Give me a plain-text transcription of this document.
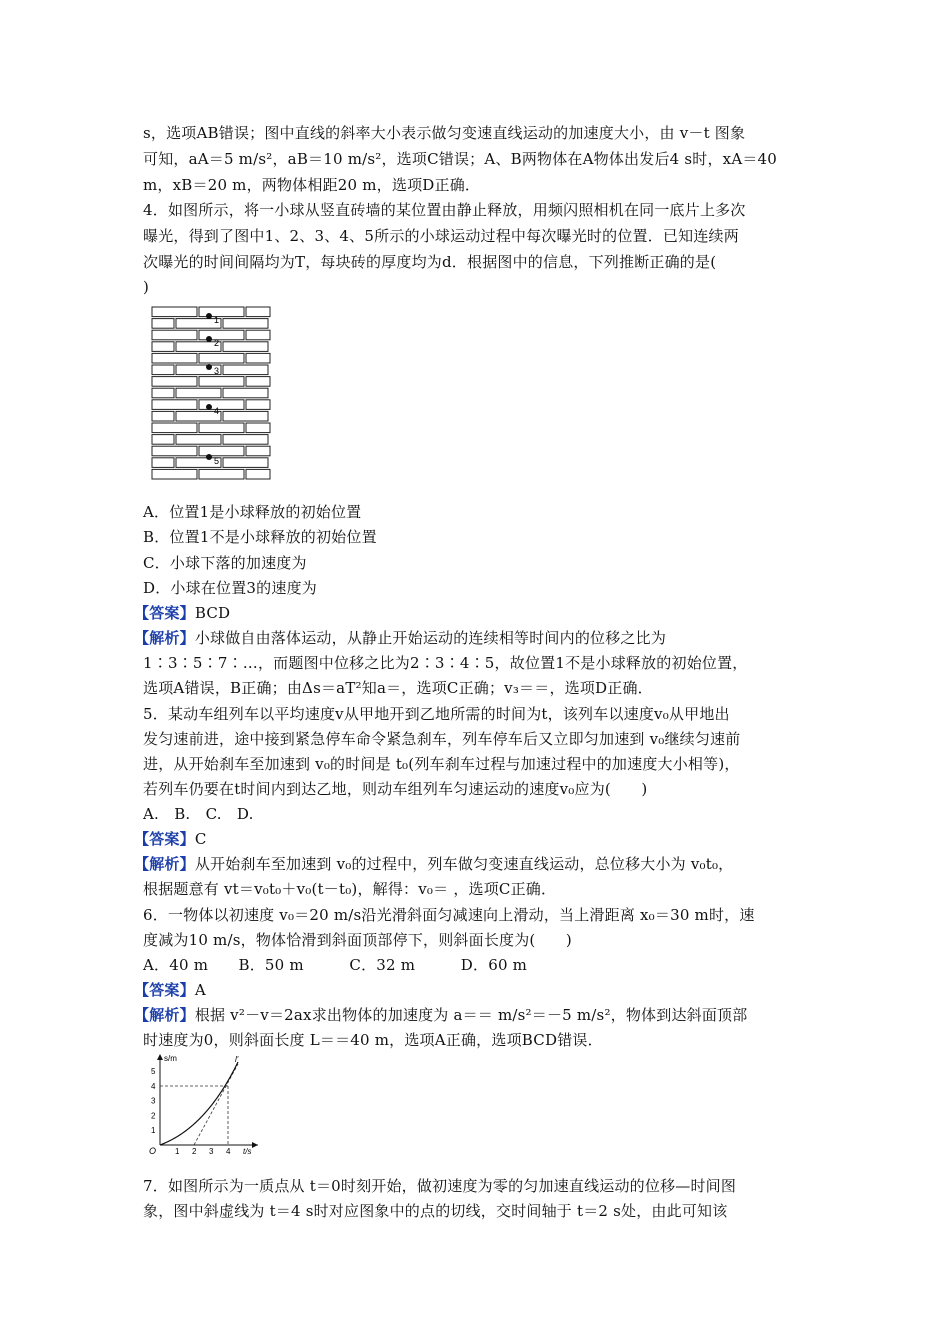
s，选项AB错误；图中直线的斜率大小表示做匀变速直线运动的加速度大小，由 v－t 图象
可知，aA＝5 m/s²，aB＝10 m/s²，选项C错误；A、B两物体在A物体出发后4 s时，xA＝40
m，xB＝20 m，两物体相距20 m，选项D正确．
4．如图所示，将一小球从竖直砖墙的某位置由静止释放，用频闪照相机在同一底片上多次
曝光，得到了图中1、2、3、4、5所示的小球运动过程中每次曝光时的位置．已知连续两
次曝光的时间间隔均为T，每块砖的厚度均为d．根据图中的信息，下列推断正确的是(
)
1
2
3
4
5
A．位置1是小球释放的初始位置
B．位置1不是小球释放的初始位置
C．小球下落的加速度为
D．小球在位置3的速度为
【答案】BCD
【解析】小球做自由落体运动，从静止开始运动的连续相等时间内的位移之比为
1∶3∶5∶7∶…，而题图中位移之比为2∶3∶4∶5，故位置1不是小球释放的初始位置，
选项A错误，B正确；由Δs＝aT²知a＝，选项C正确；v₃＝＝，选项D正确．
5．某动车组列车以平均速度v从甲地开到乙地所需的时间为t，该列车以速度v₀从甲地出
发匀速前进，途中接到紧急停车命令紧急刹车，列车停车后又立即匀加速到 v₀继续匀速前
进，从开始刹车至加速到 v₀的时间是 t₀(列车刹车过程与加速过程中的加速度大小相等)，
若列车仍要在t时间内到达乙地，则动车组列车匀速运动的速度v₀应为(　　)
A.　B.　C.　D.
【答案】C
【解析】从开始刹车至加速到 v₀的过程中，列车做匀变速直线运动，总位移大小为 v₀t₀，
根据题意有 vt＝v₀t₀＋v₀(t－t₀)，解得：v₀＝ ，选项C正确．
6．一物体以初速度 v₀＝20 m/s沿光滑斜面匀减速向上滑动，当上滑距离 x₀＝30 m时，速
度减为10 m/s，物体恰滑到斜面顶部停下，则斜面长度为(　　)
A．40 m　　B．50 m　　　C．32 m　　　D．60 m
【答案】A
【解析】根据 v²－v＝2ax求出物体的加速度为 a＝＝ m/s²＝－5 m/s²，物体到达斜面顶部
时速度为0，则斜面长度 L＝＝40 m，选项A正确，选项BCD错误．
s/m
t/s
O
l'
1
2
3
4
5
1 2 3 4
7．如图所示为一质点从 t＝0时刻开始，做初速度为零的匀加速直线运动的位移—时间图
象，图中斜虚线为 t＝4 s时对应图象中的点的切线，交时间轴于 t＝2 s处，由此可知该
